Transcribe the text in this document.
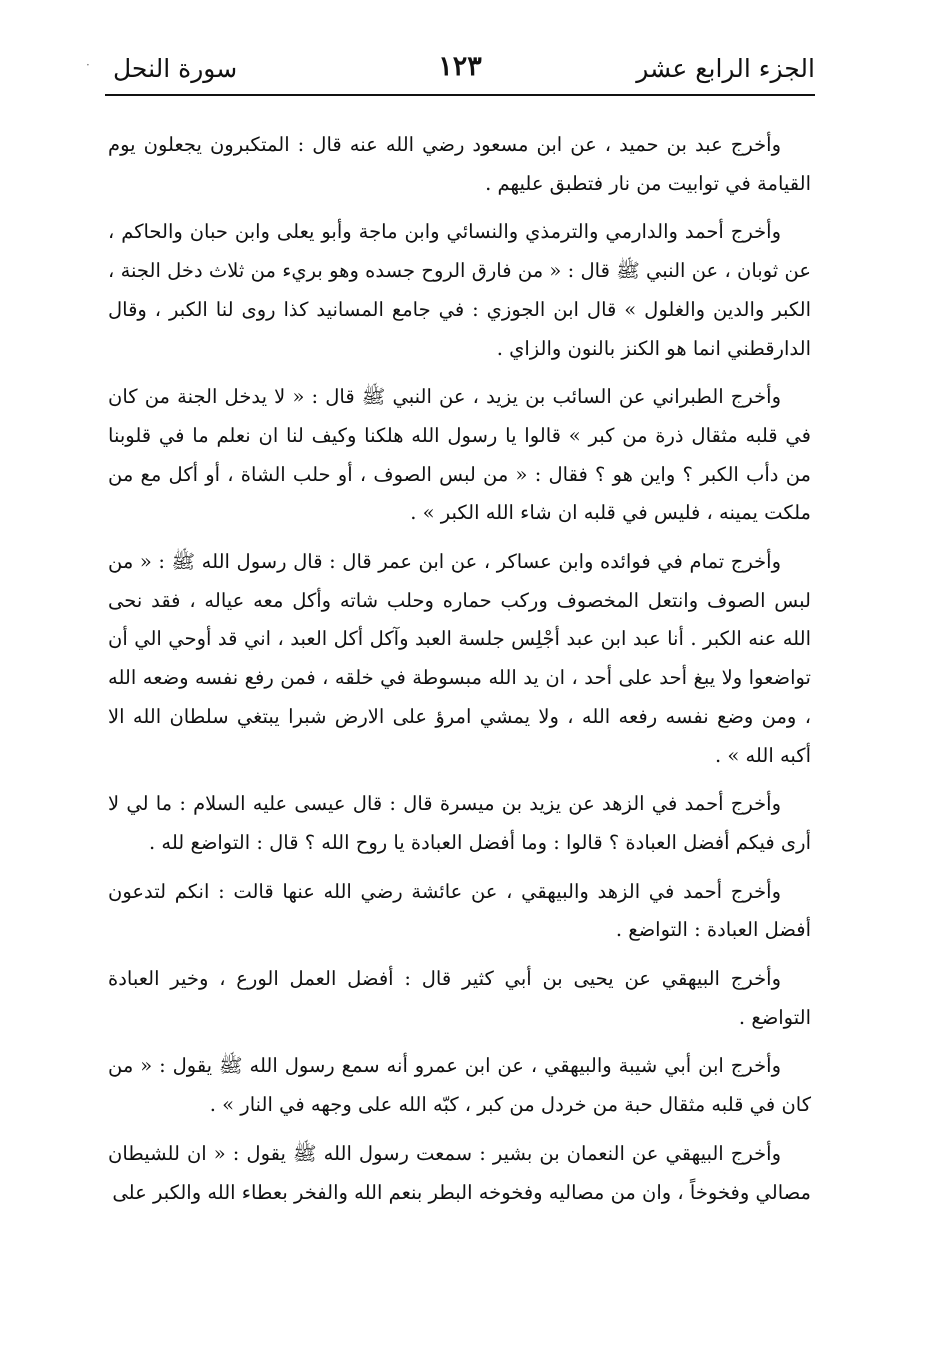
الجزء الرابع عشر
١٢٣
سورة النحل

وأخرج عبد بن حميد ، عن ابن مسعود رضي الله عنه قال : المتكبرون يجعلون يوم القيامة في توابيت من نار فتطبق عليهم .

وأخرج أحمد والدارمي والترمذي والنسائي وابن ماجة وأبو يعلى وابن حبان والحاكم ، عن ثوبان ، عن النبي ﷺ قال : « من فارق الروح جسده وهو بريء من ثلاث دخل الجنة ، الكبر والدين والغلول » قال ابن الجوزي : في جامع المسانيد كذا روى لنا الكبر ، وقال الدارقطني انما هو الكنز بالنون والزاي .

وأخرج الطبراني عن السائب بن يزيد ، عن النبي ﷺ قال : « لا يدخل الجنة من كان في قلبه مثقال ذرة من كبر » قالوا يا رسول الله هلكنا وكيف لنا ان نعلم ما في قلوبنا من دأب الكبر ؟ واين هو ؟ فقال : « من لبس الصوف ، أو حلب الشاة ، أو أكل مع من ملكت يمينه ، فليس في قلبه ان شاء الله الكبر » .

وأخرج تمام في فوائده وابن عساكر ، عن ابن عمر قال : قال رسول الله ﷺ : « من لبس الصوف وانتعل المخصوف وركب حماره وحلب شاته وأكل معه عياله ، فقد نحى الله عنه الكبر . أنا عبد ابن عبد أجْلِس جلسة العبد وآكل أكل العبد ، اني قد أوحي الي أن تواضعوا ولا يبغ أحد على أحد ، ان يد الله مبسوطة في خلقه ، فمن رفع نفسه وضعه الله ، ومن وضع نفسه رفعه الله ، ولا يمشي امرؤ على الارض شبرا يبتغي سلطان الله الا أكبه الله » .

وأخرج أحمد في الزهد عن يزيد بن ميسرة قال : قال عيسى عليه السلام : ما لي لا أرى فيكم أفضل العبادة ؟ قالوا : وما أفضل العبادة يا روح الله ؟ قال : التواضع لله .

وأخرج أحمد في الزهد والبيهقي ، عن عائشة رضي الله عنها قالت : انكم لتدعون أفضل العبادة : التواضع .

وأخرج البيهقي عن يحيى بن أبي كثير قال : أفضل العمل الورع ، وخير العبادة التواضع .

وأخرج ابن أبي شيبة والبيهقي ، عن ابن عمرو أنه سمع رسول الله ﷺ يقول : « من كان في قلبه مثقال حبة من خردل من كبر ، كبّه الله على وجهه في النار » .

وأخرج البيهقي عن النعمان بن بشير : سمعت رسول الله ﷺ يقول : « ان للشيطان مصالي وفخوخاً ، وان من مصاليه وفخوخه البطر بنعم الله والفخر بعطاء الله والكبر على

·
